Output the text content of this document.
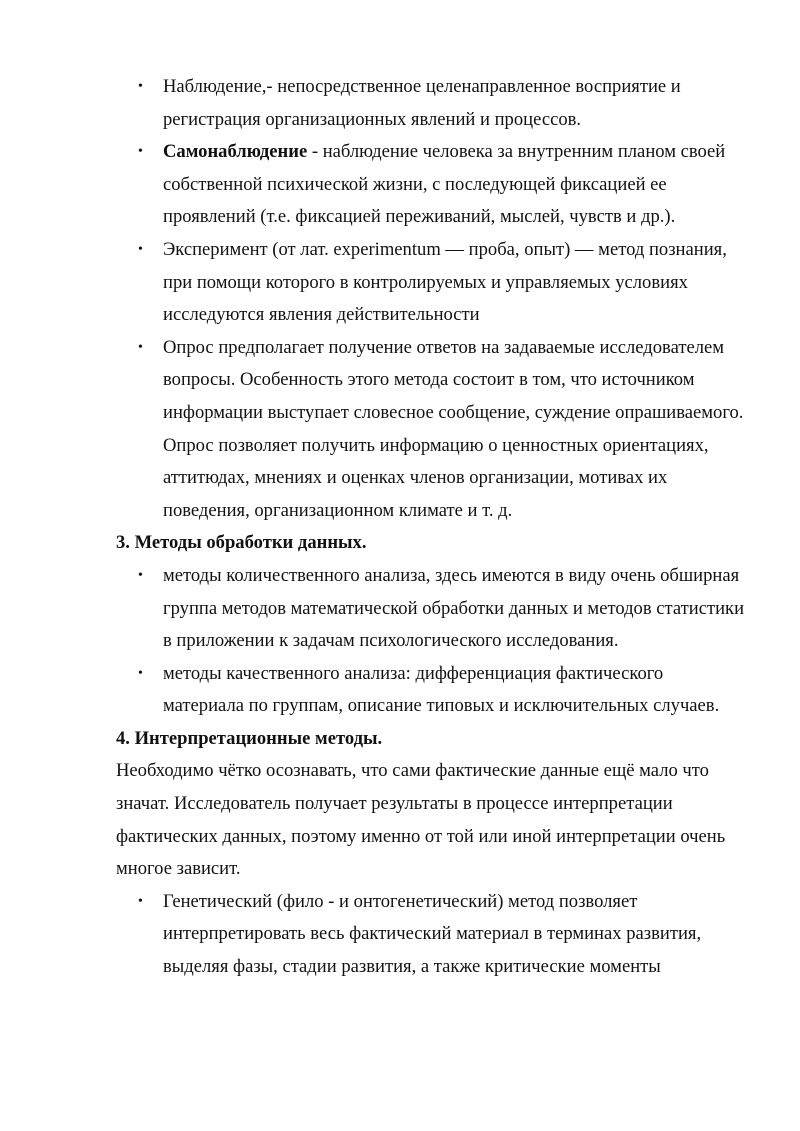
• Наблюдение,- непосредственное целенаправленное восприятие и регистрация организационных явлений и процессов.
• Самонаблюдение - наблюдение человека за внутренним планом своей собственной психической жизни, с последующей фиксацией ее проявлений (т.е. фиксацией переживаний, мыслей, чувств и др.).
• Эксперимент (от лат. experimentum — проба, опыт) — метод познания, при помощи которого в контролируемых и управляемых условиях исследуются явления действительности
• Опрос предполагает получение ответов на задаваемые исследователем вопросы. Особенность этого метода состоит в том, что источником информации выступает словесное сообщение, суждение опрашиваемого. Опрос позволяет получить информацию о ценностных ориентациях, аттитюдах, мнениях и оценках членов организации, мотивах их поведения, организационном климате и т. д.

3. Методы обработки данных.

• методы количественного анализа, здесь имеются в виду очень обширная группа методов математической обработки данных и методов статистики в приложении к задачам психологического исследования.
• методы качественного анализа: дифференциация фактического материала по группам, описание типовых и исключительных случаев.

4. Интерпретационные методы.

Необходимо чётко осознавать, что сами фактические данные ещё мало что значат. Исследователь получает результаты в процессе интерпретации фактических данных, поэтому именно от той или иной интерпретации очень многое зависит.

• Генетический (фило - и онтогенетический) метод позволяет интерпретировать весь фактический материал в терминах развития, выделяя фазы, стадии развития, а также критические моменты
